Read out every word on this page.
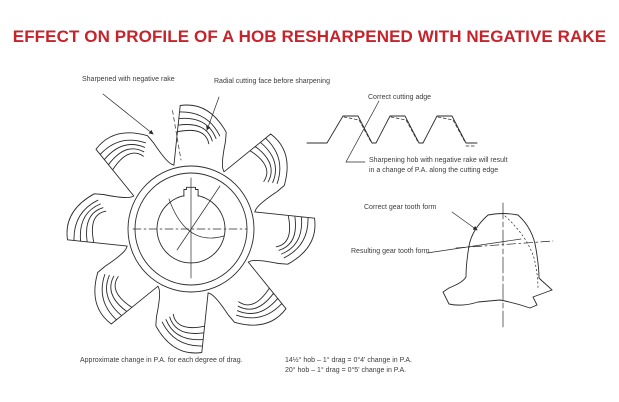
EFFECT ON PROFILE OF A HOB RESHARPENED WITH NEGATIVE RAKE
Sharpened with negative rake	Radial cutting face before sharpening
Correct cutting adge
Sharpening hob with negative rake will result
in a change of P.A. along the cutting edge
Correct gear tooth form
Resulting gear tooth form
Approximate change in P.A. for each degree of drag.	14½° hob – 1° drag = 0°4' change in P.A.
20° hob – 1° drag = 0°5' change in P.A.
